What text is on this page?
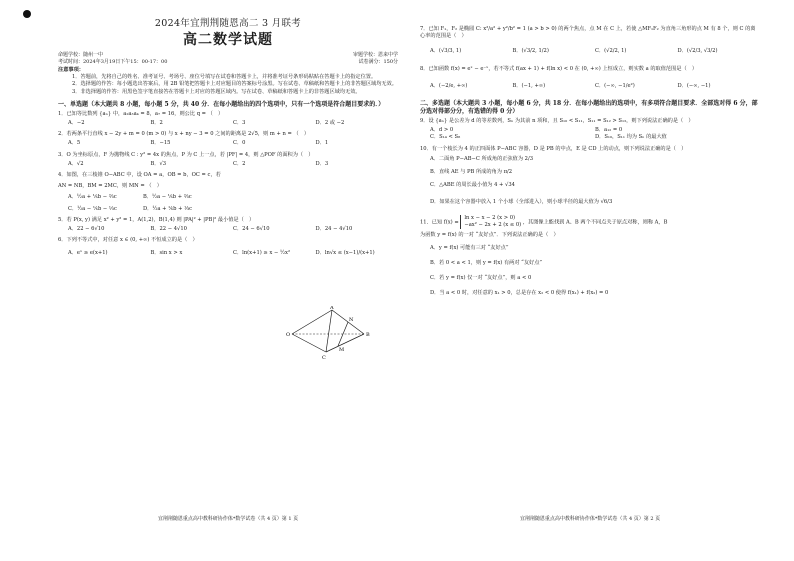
2024年宜荆荆随恩高二 3 月联考
高二数学试题
命题学校：随州一中	审题学校：恩来中学
考试时间：2024年3月19日下午15：00-17：00	试卷满分：150分
注意事项：

1．答题前，先将自己的姓名、准考证号、考场号、座位号填写在试卷和答题卡上，并将准考证号条形码粘贴在答题卡上的指定位置。

2．选择题的作答：每小题选出答案后，用 2B 铅笔把答题卡上对应题目的答案标号涂黑。写在试卷、草稿纸和答题卡上的非答题区域均无效。

3．非选择题的作答：用黑色签字笔直接答在答题卡上对应的答题区域内。写在试卷、草稿纸和答题卡上的非答题区域均无效。

一、单选题（本大题共 8 小题，每小题 5 分，共 40 分．在每小题给出的四个选项中，只有一个选项是符合题目要求的．）
1．已知等比数列 {aₙ} 中，a₂a₃a₄ = 8，a₇ = 16，则公比 q = （　）
A．−2	B．2	C．3	D．2 或 −2
2．若两条平行直线 x − 2y + m = 0 (m > 0) 与 x + ny − 3 = 0 之间的距离是 2√5，则 m + n = （　）
A．5	B．−15	C．0	D．1
3．O 为坐标原点，F 为抛物线 C : y² = 4x 的焦点，P 为 C 上一点，若 |PF| = 4，则 △POF 的面积为（　）
A．√2	B．√3	C．2	D．3
4．如图，在三棱锥 O−ABC 中，设 OA = a，OB = b，OC = c，若
AN = NB，BM = 2MC，则 MN = （　）
A．½a + ⅙b − ⅔c	B．½a − ⅙b + ⅔c
C．½a − ⅙b − ⅓c	D．½a + ⅙b + ⅓c
A
N
O	B
M
C
5．若 P(x, y) 满足 x² + y² = 1，A(1,2)，B(1,4) 则 |PA|² + |PB|² 最小值是（　）
A．22 − 6√10	B．22 − 4√10	C．24 − 6√10	D．24 − 4√10
6．下列不等式中，对任意 x ∈ (0, +∞) 不恒成立的是（　）
A．eˣ ≥ e(x+1)	B．sin x > x	C．ln(x+1) ≥ x − ½x²	D．ln√x ≤ (x−1)/(x+1)
宜荆荆随恩重点高中教科研协作体*数学试卷（共 4 页）第 1 页
7．已知 F₁，F₂ 是椭圆 C: x²/a² + y²/b² = 1 (a > b > 0) 的两个焦点，点 M 在 C 上，若使 △MF₁F₂ 为直角三角形的点 M 有 8 个，则 C 的离心率的范围是（　）
A．(√3/3, 1)	B．(√3/2, 1/2)	C．(√2/2, 1)	D．(√2/3, √3/2)
8．已知函数 f(x) = eˣ − e⁻ˣ，若不等式 f(ax + 1) + f(ln x) < 0 在 (0, +∞) 上恒成立，则实数 a 的取值范围是（　）
A．(−2/e, +∞)	B．(−1, +∞)	C．(−∞, −1/e²)	D．(−∞, −1)
二、多选题（本大题共 3 小题，每小题 6 分，共 18 分．在每小题给出的选项中，有多项符合题目要求．全部选对得 6 分，部分选对得部分分，有选错的得 0 分）
9．设 {aₙ} 是公差为 d 的等差数列，Sₙ 为其前 n 项和，且 S₁₀ < S₁₁，S₁₁ = S₁₂ > S₁₃，则下列说法正确的是（　）
A．d > 0	B．a₁₂ = 0
C．S₁₄ < S₈	D．S₁₀，S₁₁ 均为 Sₙ 的最大值
10．有一个棱长为 4 的正四面体 P−ABC 容器，D 是 PB 的中点，E 是 CD 上的动点，则下列说法正确的是（　）
A．二面角 P−AB−C 所成角的正弦值为 2/3
B．直线 AE 与 PB 所成的角为 π/2
C．△ABE 的周长最小值为 4 + √34
D．如果在这个容器中放入 1 个小球（全部进入），则小球半径的最大值为 √6/3
11．已知 f(x) =
ln x − x − 2 (x > 0)
−ax² − 2x + 2 (x ≤ 0) ，其图像上能找到 A、B 两个不同点关于原点对称，则称 A，B
为函数 y = f(x) 的一对 “友好点”．下列说法正确的是（　）
A．y = f(x) 可能有三对 “友好点”
B．若 0 < a < 1，则 y = f(x) 有两对 “友好点”
C．若 y = f(x) 仅一对 “友好点”，则 a < 0
D．当 a < 0 时，对任意的 x₁ > 0，总是存在 x₂ < 0 使得 f(x₁) + f(x₂) = 0
宜荆荆随恩重点高中教科研协作体*数学试卷（共 4 页）第 2 页
